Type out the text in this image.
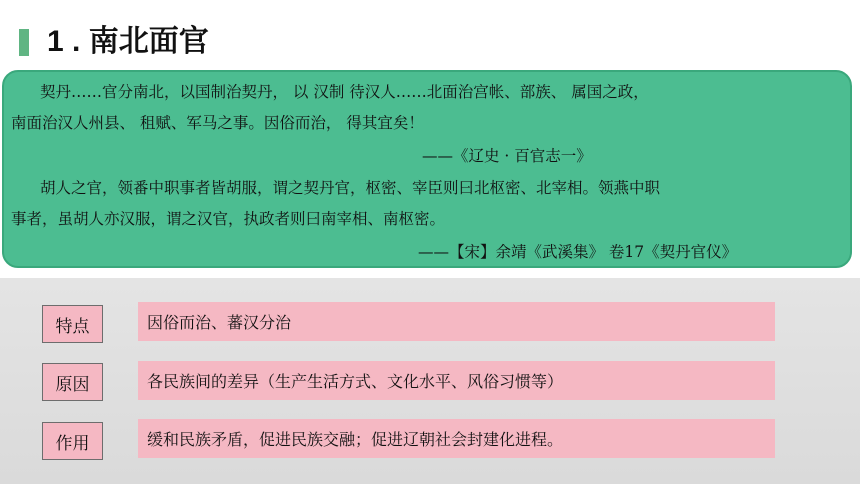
1 . 南北面官

契丹……官分南北，以国制治契丹， 以 汉制 待汉人……北面治宫帐、部族、 属国之政，

南面治汉人州县、 租赋、军马之事。因俗而治， 得其宜矣！

——《辽史 · 百官志一》

胡人之官，领番中职事者皆胡服，谓之契丹官，枢密、宰臣则曰北枢密、北宰相。领燕中职

事者，虽胡人亦汉服，谓之汉官，执政者则曰南宰相、南枢密。

——【宋】余靖《武溪集》 卷17《契丹官仪》

特点	因俗而治、蕃汉分治
原因	各民族间的差异（生产生活方式、文化水平、风俗习惯等）
作用	缓和民族矛盾，促进民族交融；促进辽朝社会封建化进程。
